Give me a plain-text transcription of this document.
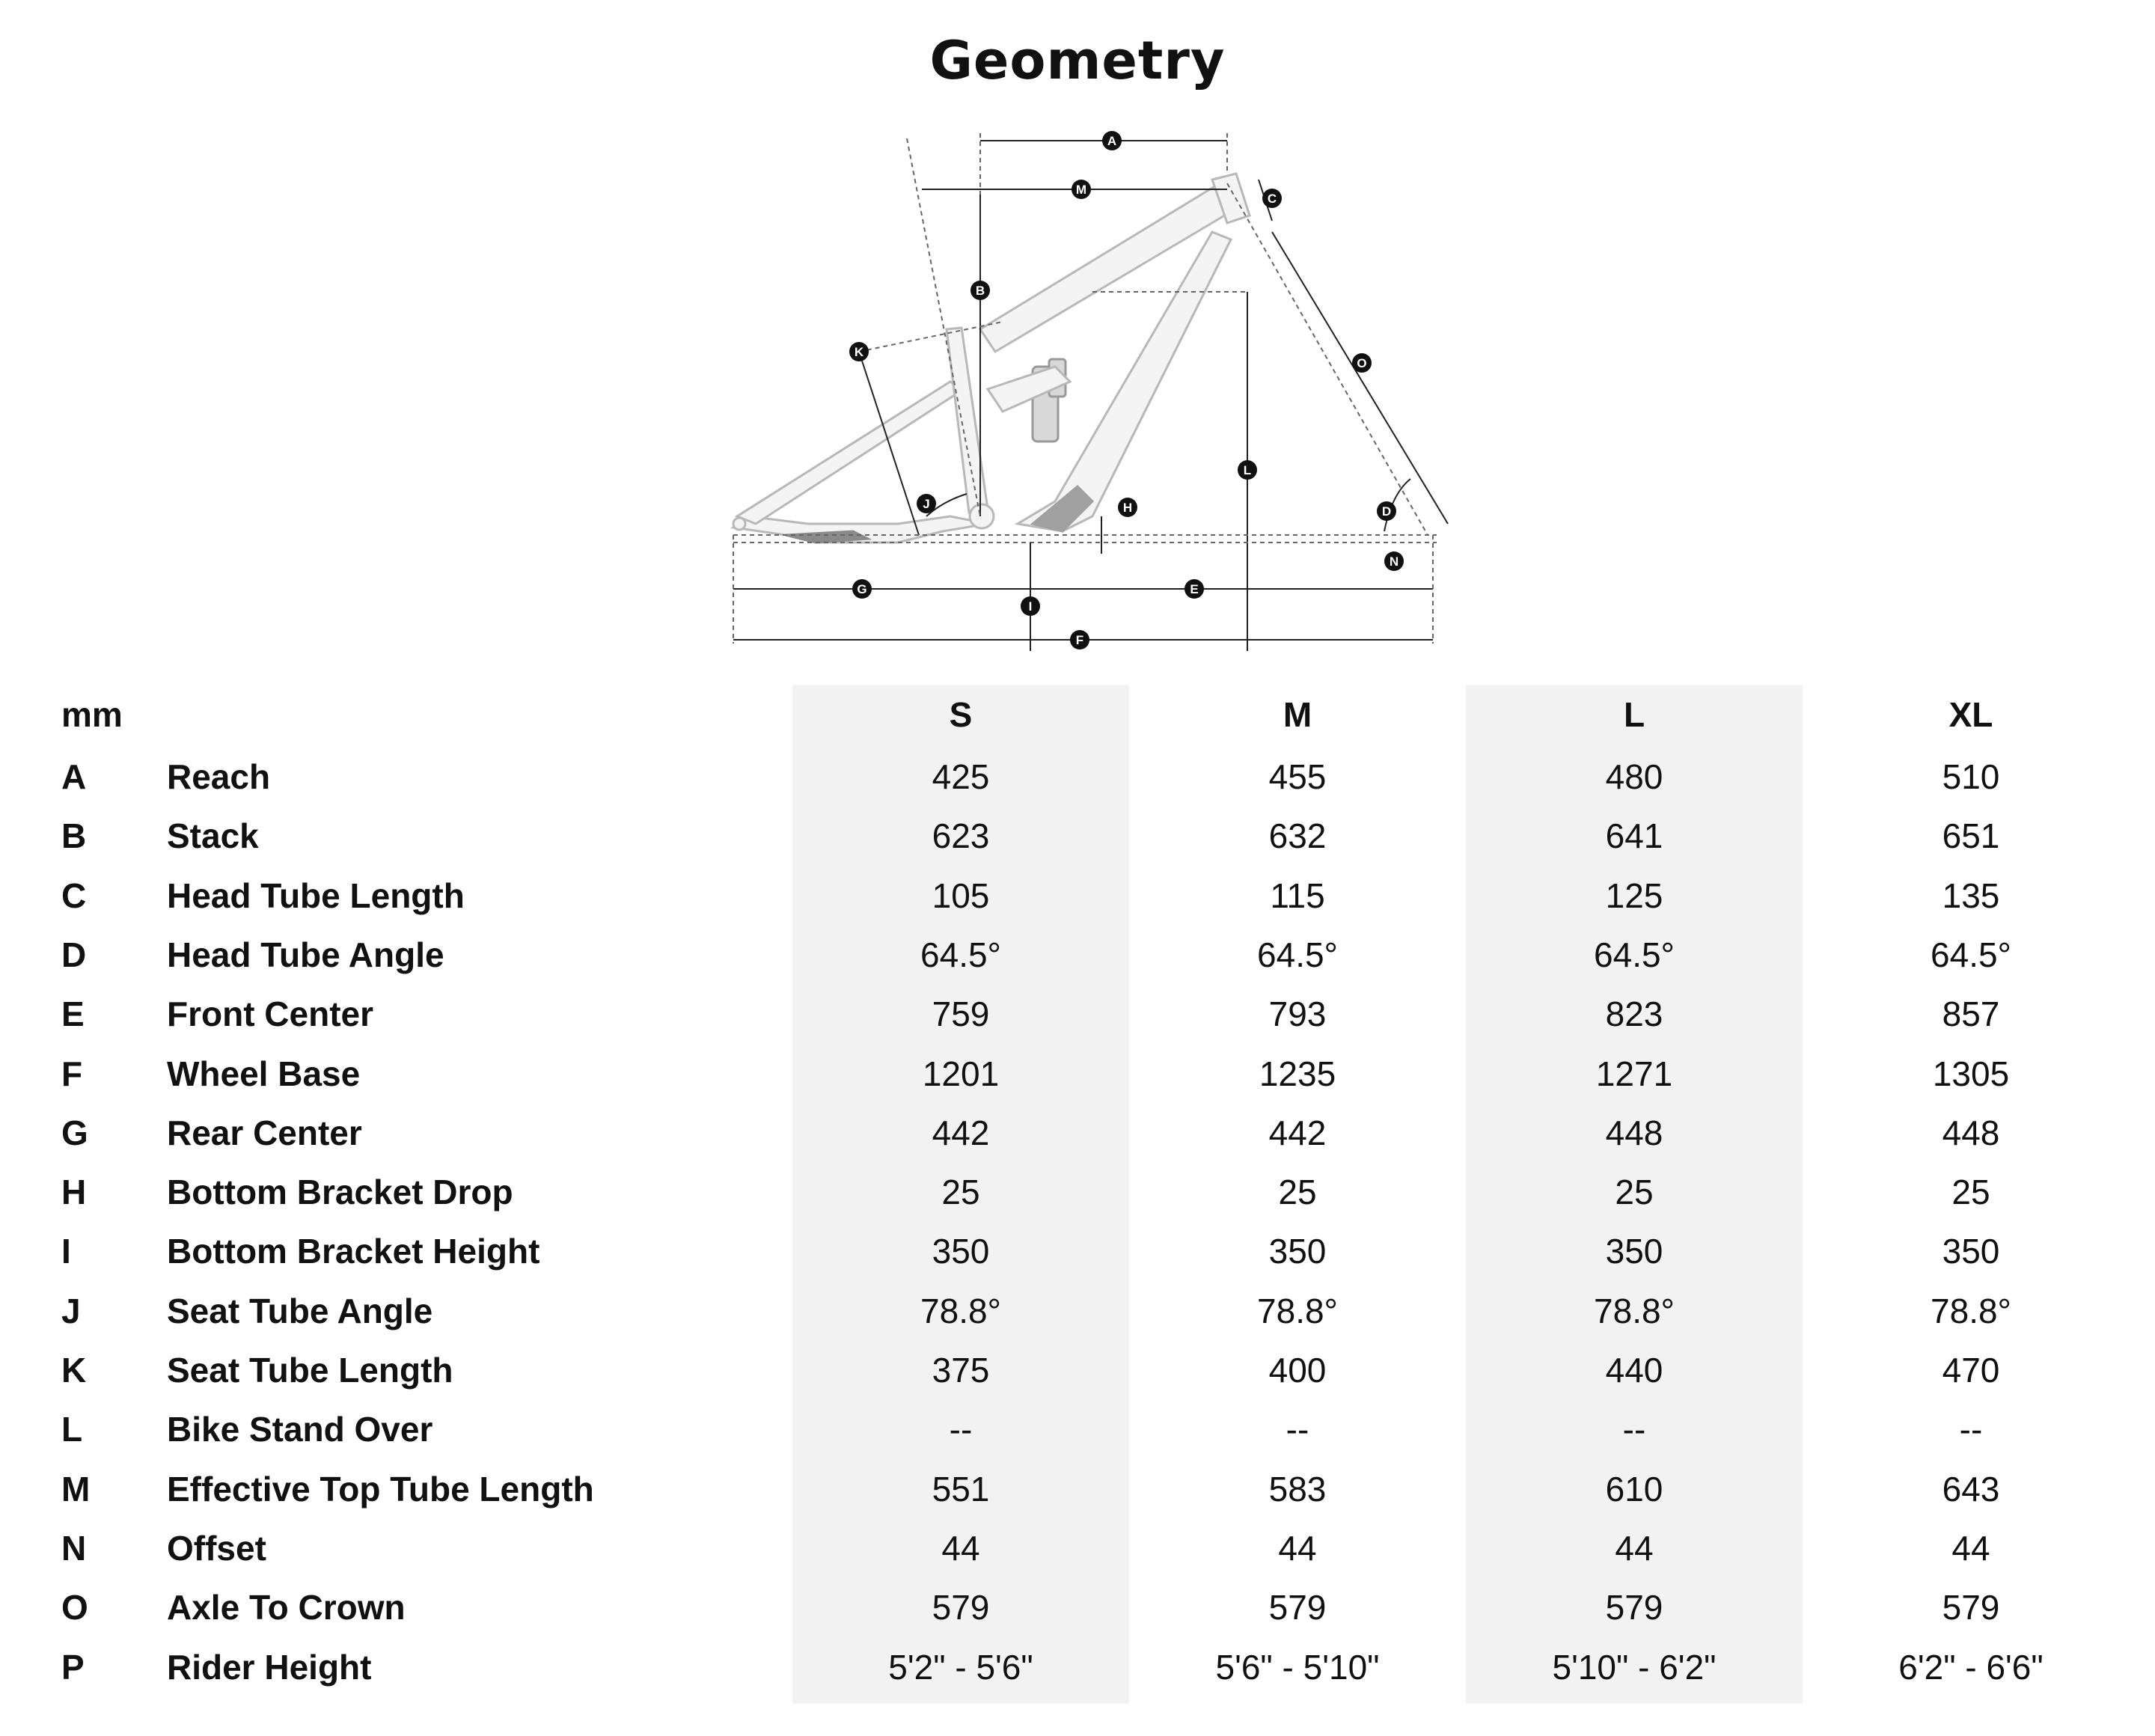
Geometry
A
M
C
B
K
O
L
J	H	D
N
G	E
I
F
mm	S	M	L	XL
A Reach	425	455	480	510
B Stack	623	632	641	651
C Head Tube Length	105	115	125	135
D Head Tube Angle	64.5°	64.5°	64.5°	64.5°
E Front Center	759	793	823	857
F Wheel Base	1201	1235	1271	1305
G Rear Center	442	442	448	448
H Bottom Bracket Drop	25	25	25	25
I	Bottom Bracket Height	350	350	350	350
J	Seat Tube Angle	78.8°	78.8°	78.8°	78.8°
K Seat Tube Length	375	400	440	470
L Bike Stand Over	--	--	--	--
M Effective Top Tube Length	551	583	610	643
N Offset	44	44	44	44
O Axle To Crown	579	579	579	579
P Rider Height	5'2" - 5'6"	5'6" - 5'10"	5'10" - 6'2"	6'2" - 6'6"
